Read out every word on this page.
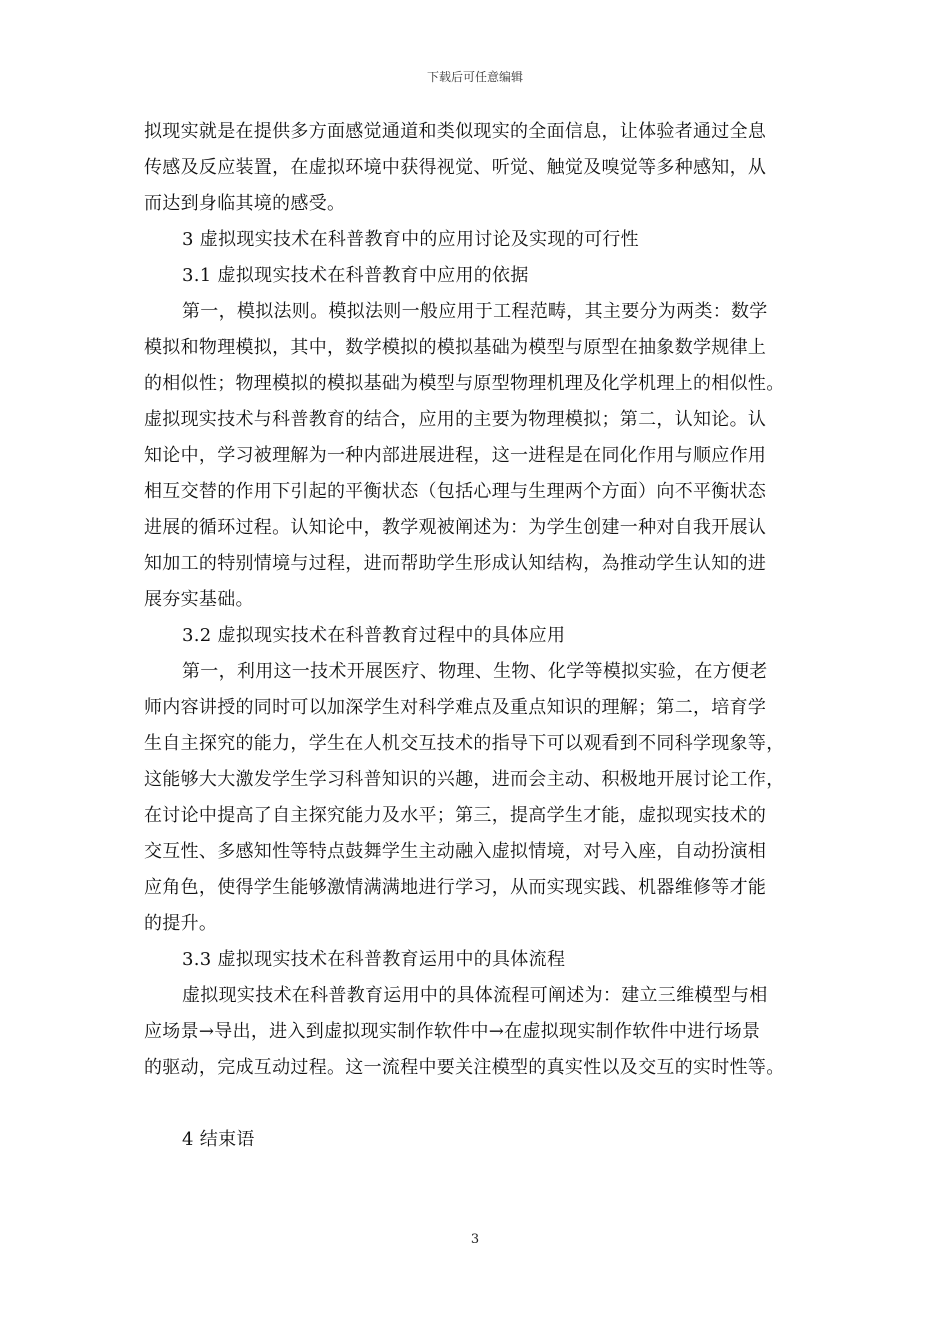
下载后可任意编辑
拟现实就是在提供多方面感觉通道和类似现实的全面信息，让体验者通过全息
传感及反应装置，在虚拟环境中获得视觉、听觉、触觉及嗅觉等多种感知，从
而达到身临其境的感受。
3 虚拟现实技术在科普教育中的应用讨论及实现的可行性
3.1 虚拟现实技术在科普教育中应用的依据
第一，模拟法则。模拟法则一般应用于工程范畴，其主要分为两类：数学
模拟和物理模拟，其中，数学模拟的模拟基础为模型与原型在抽象数学规律上
的相似性；物理模拟的模拟基础为模型与原型物理机理及化学机理上的相似性。
虚拟现实技术与科普教育的结合，应用的主要为物理模拟；第二，认知论。认
知论中，学习被理解为一种内部进展进程，这一进程是在同化作用与顺应作用
相互交替的作用下引起的平衡状态（包括心理与生理两个方面）向不平衡状态
进展的循环过程。认知论中，教学观被阐述为：为学生创建一种对自我开展认
知加工的特别情境与过程，进而帮助学生形成认知结构，為推动学生认知的进
展夯实基础。
3.2 虚拟现实技术在科普教育过程中的具体应用
第一，利用这一技术开展医疗、物理、生物、化学等模拟实验，在方便老
师内容讲授的同时可以加深学生对科学难点及重点知识的理解；第二，培育学
生自主探究的能力，学生在人机交互技术的指导下可以观看到不同科学现象等，
这能够大大激发学生学习科普知识的兴趣，进而会主动、积极地开展讨论工作，
在讨论中提高了自主探究能力及水平；第三，提高学生才能，虚拟现实技术的
交互性、多感知性等特点鼓舞学生主动融入虚拟情境，对号入座，自动扮演相
应角色，使得学生能够激情满满地进行学习，从而实现实践、机器维修等才能
的提升。
3.3 虚拟现实技术在科普教育运用中的具体流程
虚拟现实技术在科普教育运用中的具体流程可阐述为：建立三维模型与相
应场景→导出，进入到虚拟现实制作软件中→在虚拟现实制作软件中进行场景
的驱动，完成互动过程。这一流程中要关注模型的真实性以及交互的实时性等。
4 结束语
3
